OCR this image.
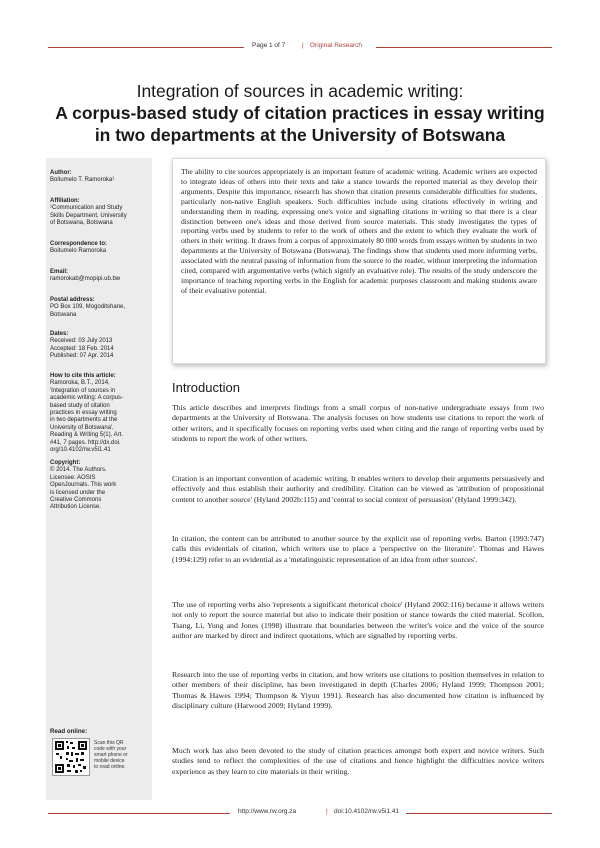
Page 1 of 7	| Original Research
Integration of sources in academic writing:
A corpus-based study of citation practices in essay writing
in two departments at the University of Botswana
Author:
Boitumelo T. Ramoroka¹
Affiliation:
¹Communication and Study
Skills Department, University
of Botswana, Botswana
Correspondence to:
Boitumelo Ramoroka
Email:
ramorokab@mopipi.ub.bw
Postal address:
PO Box 109, Mogoditshane,
Botswana
Dates:
Received: 03 July 2013
Accepted: 18 Feb. 2014
Published: 07 Apr. 2014
How to cite this article:
Ramoroka, B.T., 2014,
'Integration of sources in
academic writing: A corpus-
based study of citation
practices in essay writing
in two departments at the
University of Botswana',
Reading & Writing 5(1), Art.
#41, 7 pages. http://dx.doi.
org/10.4102/rw.v5i1.41
Copyright:
© 2014. The Authors.
Licensee: AOSIS
OpenJournals. This work
is licensed under the
Creative Commons
Attribution License.
Read online:
Scan this QR
code with your
smart phone or
mobile device
to read online.

The ability to cite sources appropriately is an important feature of academic writing. Academic writers are expected to integrate ideas of others into their texts and take a stance towards the reported material as they develop their arguments. Despite this importance, research has shown that citation presents considerable difficulties for students, particularly non-native English speakers. Such difficulties include using citations effectively in writing and understanding them in reading, expressing one's voice and signalling citations in writing so that there is a clear distinction between one's ideas and those derived from source materials. This study investigates the types of reporting verbs used by students to refer to the work of others and the extent to which they evaluate the work of others in their writing. It draws from a corpus of approximately 80 000 words from essays written by students in two departments at the University of Botswana (Botswana). The findings show that students used more informing verbs, associated with the neutral passing of information from the source to the reader, without interpreting the information cited, compared with argumentative verbs (which signify an evaluative role). The results of the study underscore the importance of teaching reporting verbs in the English for academic purposes classroom and making students aware of their evaluative potential.

Introduction

This article describes and interprets findings from a small corpus of non-native undergraduate essays from two departments at the University of Botswana. The analysis focuses on how students use citations to report the work of other writers, and it specifically focuses on reporting verbs used when citing and the range of reporting verbs used by students to report the work of other writers.

Citation is an important convention of academic writing. It enables writers to develop their arguments persuasively and effectively and thus establish their authority and credibility. Citation can be viewed as 'attribution of propositional content to another source' (Hyland 2002b:115) and 'central to social context of persuasion' (Hyland 1999:342).

In citation, the content can be attributed to another source by the explicit use of reporting verbs. Barton (1993:747) calls this evidentials of citation, which writers use to place a 'perspective on the literature'. Thomas and Hawes (1994:129) refer to an evidential as a 'metalinguistic representation of an idea from other sources'.

The use of reporting verbs also 'represents a significant rhetorical choice' (Hyland 2002:116) because it allows writers not only to report the source material but also to indicate their position or stance towards the cited material. Scollon, Tsang, Li, Yung and Jones (1998) illustrate that boundaries between the writer's voice and the voice of the source author are marked by direct and indirect quotations, which are signalled by reporting verbs.

Research into the use of reporting verbs in citation, and how writers use citations to position themselves in relation to other members of their discipline, has been investigated in depth (Charles 2006; Hyland 1999; Thompson 2001; Thomas & Hawes 1994; Thompson & Yiyun 1991). Research has also documented how citation is influenced by disciplinary culture (Harwood 2009; Hyland 1999).

Much work has also been devoted to the study of citation practices amongst both expert and novice writers. Such studies tend to reflect the complexities of the use of citations and hence highlight the difficulties novice writers experience as they learn to cite materials in their writing.

http://www.rw.org.za	| doi:10.4102/rw.v5i1.41
